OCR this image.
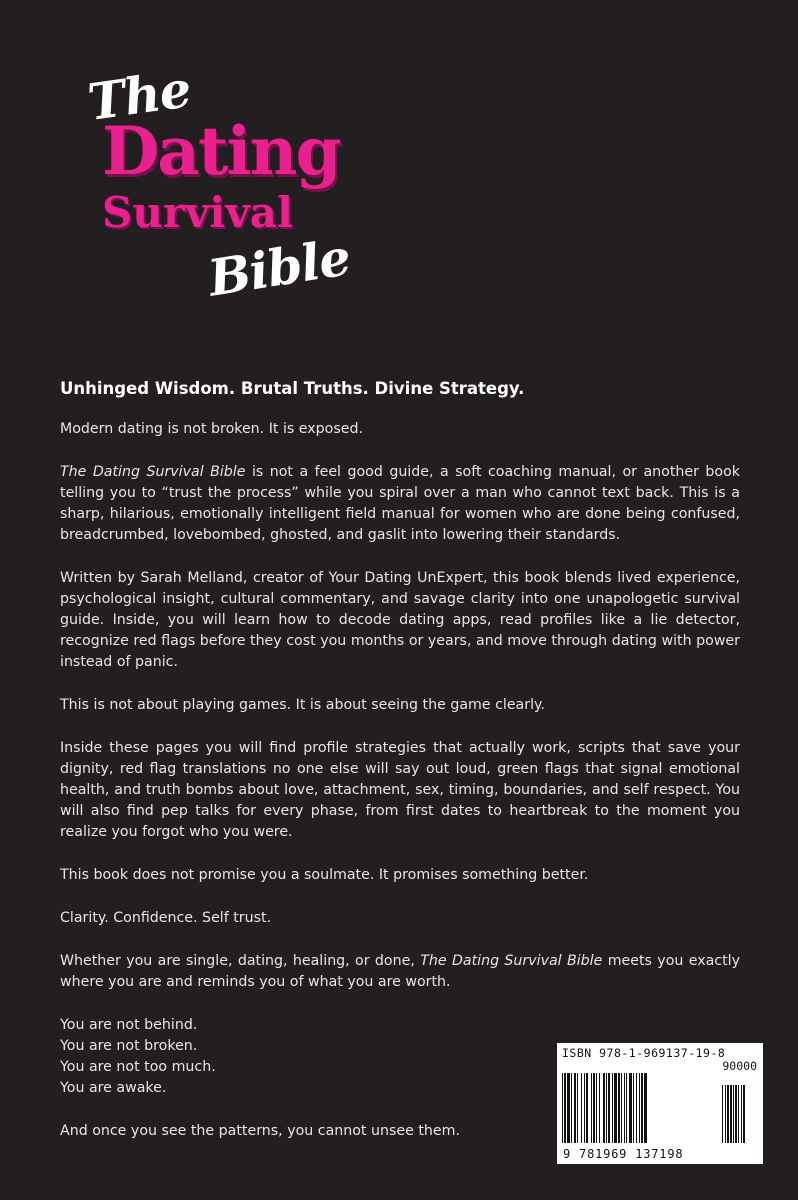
The
Dating
Survival
Bible

Unhinged Wisdom. Brutal Truths. Divine Strategy.

Modern dating is not broken. It is exposed.

The Dating Survival Bible is not a feel good guide, a soft coaching manual, or another book telling you to “trust the process” while you spiral over a man who cannot text back. This is a sharp, hilarious, emotionally intelligent field manual for women who are done being confused, breadcrumbed, lovebombed, ghosted, and gaslit into lowering their standards.

Written by Sarah Melland, creator of Your Dating UnExpert, this book blends lived experience, psychological insight, cultural commentary, and savage clarity into one unapologetic survival guide. Inside, you will learn how to decode dating apps, read profiles like a lie detector, recognize red flags before they cost you months or years, and move through dating with power instead of panic.

This is not about playing games. It is about seeing the game clearly.

Inside these pages you will find profile strategies that actually work, scripts that save your dignity, red flag translations no one else will say out loud, green flags that signal emotional health, and truth bombs about love, attachment, sex, timing, boundaries, and self respect. You will also find pep talks for every phase, from first dates to heartbreak to the moment you realize you forgot who you were.

This book does not promise you a soulmate. It promises something better.

Clarity. Confidence. Self trust.

Whether you are single, dating, healing, or done, The Dating Survival Bible meets you exactly where you are and reminds you of what you are worth.

You are not behind.
You are not broken.
You are not too much.
You are awake.

And once you see the patterns, you cannot unsee them.

ISBN 978-1-969137-19-8
90000
9 781969 137198
